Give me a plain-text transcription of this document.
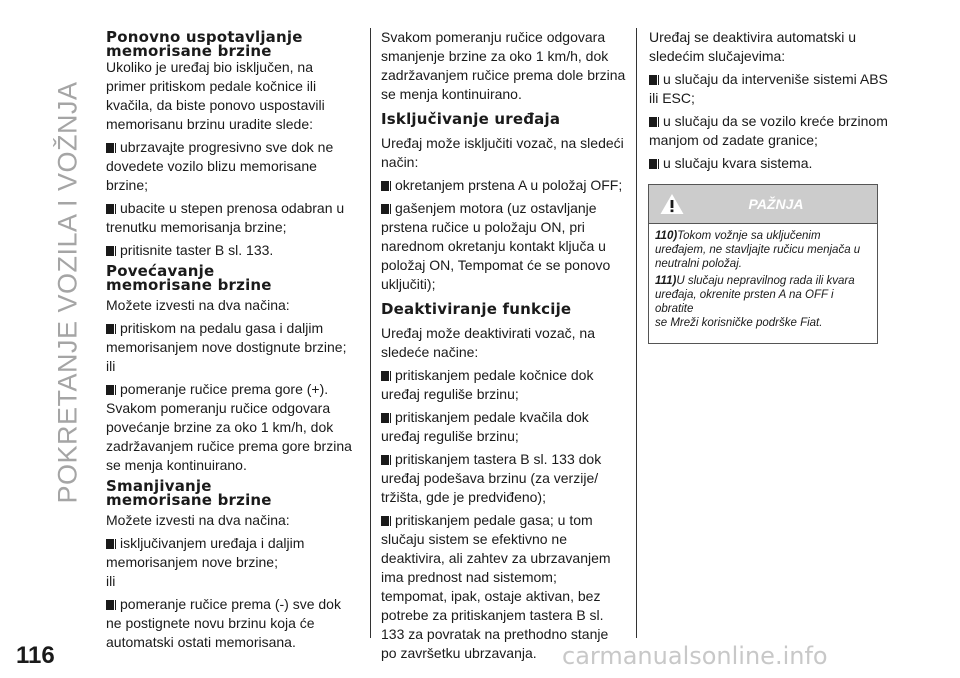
POKRETANJE VOZILA I VOŽNJA
Ponovno uspotavljanje
memorisane brzine

Ukoliko je uređaj bio isključen, na
primer pritiskom pedale kočnice ili
kvačila, da biste ponovo uspostavili
memorisanu brzinu uradite slede:

ubrzavajte progresivno sve dok ne
dovedete vozilo blizu memorisane
brzine;

ubacite u stepen prenosa odabran u
trenutku memorisanja brzine;

pritisnite taster B sl. 133.

Povećavanje
memorisane brzine

Možete izvesti na dva načina:

pritiskom na pedalu gasa i daljim
memorisanjem nove dostignute brzine;

ili

pomeranje ručice prema gore (+).

Svakom pomeranju ručice odgovara
povećanje brzine za oko 1 km/h, dok
zadržavanjem ručice prema gore brzina
se menja kontinuirano.

Smanjivanje
memorisane brzine

Možete izvesti na dva načina:

isključivanjem uređaja i daljim
memorisanjem nove brzine;

ili

pomeranje ručice prema (-) sve dok
ne postignete novu brzinu koja će
automatski ostati memorisana.

Svakom pomeranju ručice odgovara
smanjenje brzine za oko 1 km/h, dok
zadržavanjem ručice prema dole brzina
se menja kontinuirano.

Isključivanje uređaja

Uređaj može isključiti vozač, na sledeći
način:

okretanjem prstena A u položaj OFF;

gašenjem motora (uz ostavljanje
prstena ručice u položaju ON, pri
narednom okretanju kontakt ključa u
položaj ON, Tempomat će se ponovo
uključiti);

Deaktiviranje funkcije

Uređaj može deaktivirati vozač, na
sledeće načine:

pritiskanjem pedale kočnice dok
uređaj reguliše brzinu;

pritiskanjem pedale kvačila dok
uređaj reguliše brzinu;

pritiskanjem tastera B sl. 133 dok
uređaj podešava brzinu (za verzije/
tržišta, gde je predviđeno);

pritiskanjem pedale gasa; u tom
slučaju sistem se efektivno ne
deaktivira, ali zahtev za ubrzavanjem
ima prednost nad sistemom;
tempomat, ipak, ostaje aktivan, bez
potrebe za pritiskanjem tastera B sl.
133 za povratak na prethodno stanje
po završetku ubrzavanja.

Uređaj se deaktivira automatski u
sledećim slučajevima:

u slučaju da interveniše sistemi ABS
ili ESC;

u slučaju da se vozilo kreće brzinom
manjom od zadate granice;

u slučaju kvara sistema.

PAŽNJA

110)Tokom vožnje sa uključenim
uređajem, ne stavljajte ručicu menjača u
neutralni položaj.

111)U slučaju nepravilnog rada ili kvara
uređaja, okrenite prsten A na OFF i obratite
se Mreži korisničke podrške Fiat.

116	carmanualsonline.info
